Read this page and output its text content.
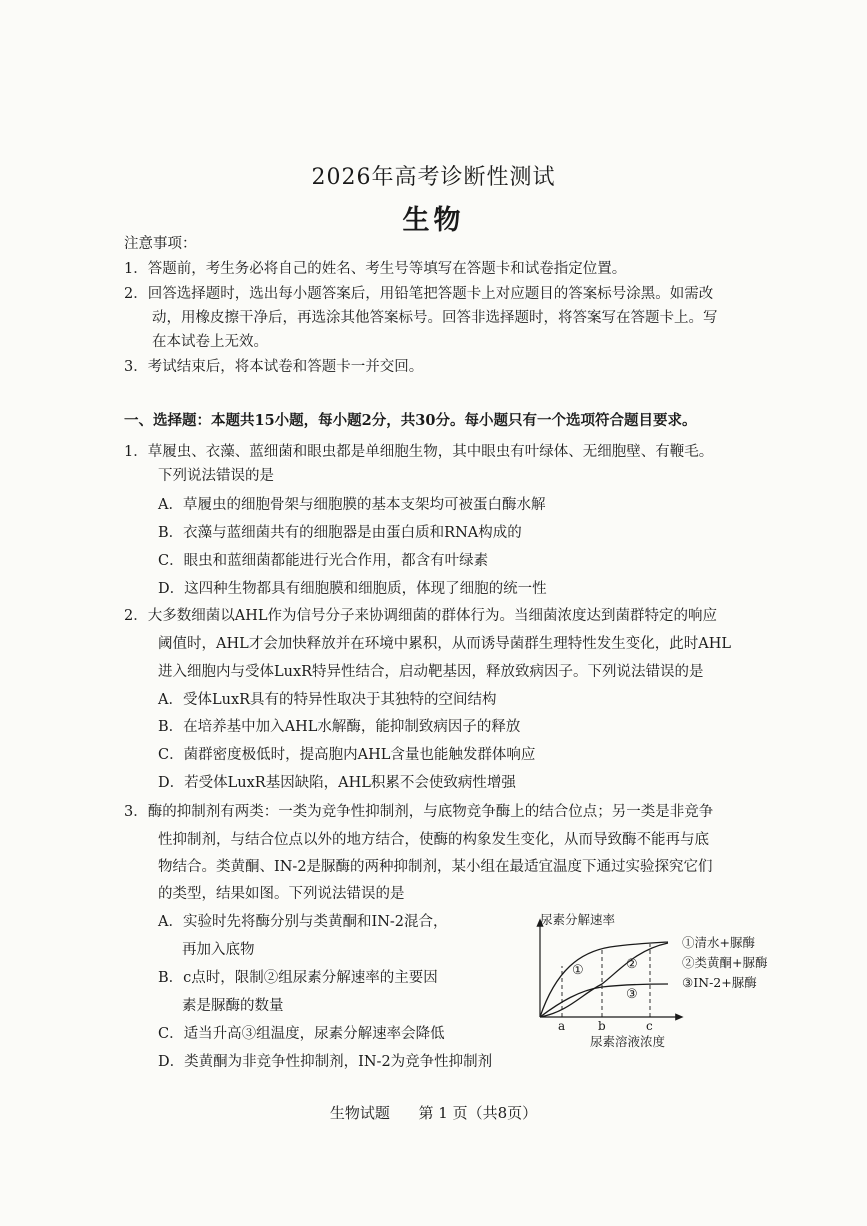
2026年高考诊断性测试
生物
注意事项：
1．答题前，考生务必将自己的姓名、考生号等填写在答题卡和试卷指定位置。
2．回答选择题时，选出每小题答案后，用铅笔把答题卡上对应题目的答案标号涂黑。如需改
动，用橡皮擦干净后，再选涂其他答案标号。回答非选择题时，将答案写在答题卡上。写
在本试卷上无效。
3．考试结束后，将本试卷和答题卡一并交回。
一、选择题：本题共15小题，每小题2分，共30分。每小题只有一个选项符合题目要求。
1．草履虫、衣藻、蓝细菌和眼虫都是单细胞生物，其中眼虫有叶绿体、无细胞壁、有鞭毛。
下列说法错误的是
A．草履虫的细胞骨架与细胞膜的基本支架均可被蛋白酶水解
B．衣藻与蓝细菌共有的细胞器是由蛋白质和RNA构成的
C．眼虫和蓝细菌都能进行光合作用，都含有叶绿素
D．这四种生物都具有细胞膜和细胞质，体现了细胞的统一性
2．大多数细菌以AHL作为信号分子来协调细菌的群体行为。当细菌浓度达到菌群特定的响应
阈值时，AHL才会加快释放并在环境中累积，从而诱导菌群生理特性发生变化，此时AHL
进入细胞内与受体LuxR特异性结合，启动靶基因，释放致病因子。下列说法错误的是
A．受体LuxR具有的特异性取决于其独特的空间结构
B．在培养基中加入AHL水解酶，能抑制致病因子的释放
C．菌群密度极低时，提高胞内AHL含量也能触发群体响应
D．若受体LuxR基因缺陷，AHL积累不会使致病性增强
3．酶的抑制剂有两类：一类为竞争性抑制剂，与底物竞争酶上的结合位点；另一类是非竞争
性抑制剂，与结合位点以外的地方结合，使酶的构象发生变化，从而导致酶不能再与底
物结合。类黄酮、IN-2是脲酶的两种抑制剂，某小组在最适宜温度下通过实验探究它们
的类型，结果如图。下列说法错误的是
A．实验时先将酶分别与类黄酮和IN-2混合，
再加入底物
B．c点时，限制②组尿素分解速率的主要因
素是脲酶的数量
C．适当升高③组温度，尿素分解速率会降低
D．类黄酮为非竞争性抑制剂，IN-2为竞争性抑制剂
尿素分解速率
尿素溶液浓度
①	②
③
a	b	c
①清水+脲酶
②类黄酮+脲酶
③IN-2+脲酶
生物试题 第 1 页（共8页）
